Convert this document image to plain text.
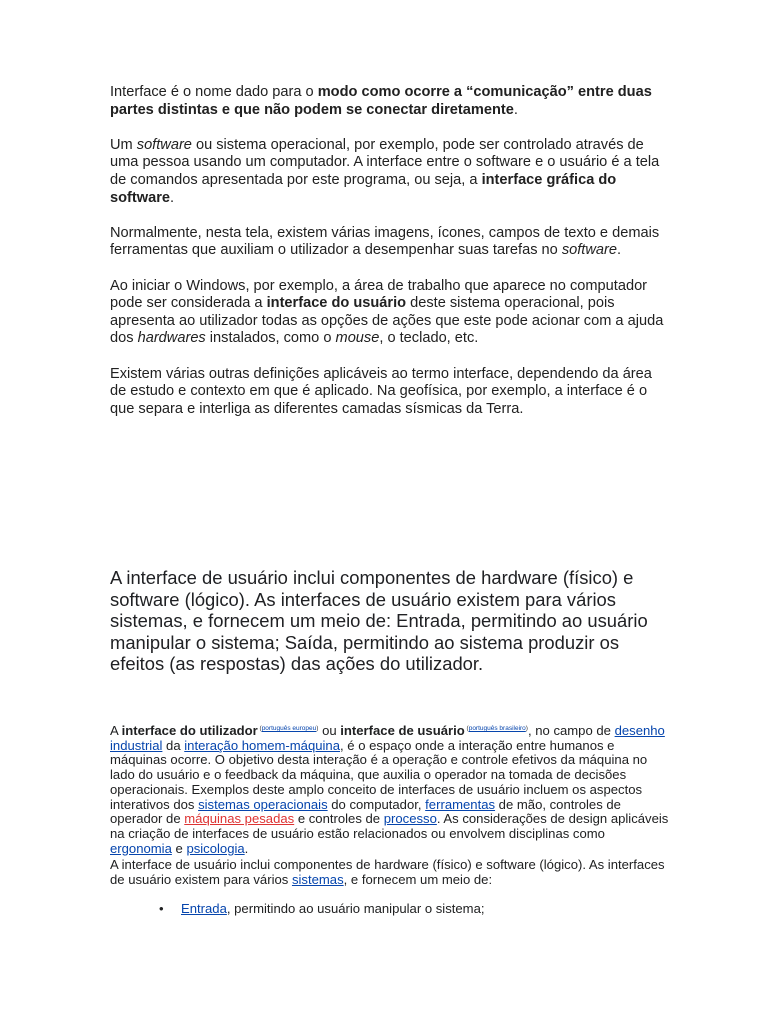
Interface é o nome dado para o modo como ocorre a “comunicação” entre duas partes distintas e que não podem se conectar diretamente.

Um software ou sistema operacional, por exemplo, pode ser controlado através de uma pessoa usando um computador. A interface entre o software e o usuário é a tela de comandos apresentada por este programa, ou seja, a interface gráfica do software.

Normalmente, nesta tela, existem várias imagens, ícones, campos de texto e demais ferramentas que auxiliam o utilizador a desempenhar suas tarefas no software.

Ao iniciar o Windows, por exemplo, a área de trabalho que aparece no computador pode ser considerada a interface do usuário deste sistema operacional, pois apresenta ao utilizador todas as opções de ações que este pode acionar com a ajuda dos hardwares instalados, como o mouse, o teclado, etc.

Existem várias outras definições aplicáveis ao termo interface, dependendo da área de estudo e contexto em que é aplicado. Na geofísica, por exemplo, a interface é o que separa e interliga as diferentes camadas sísmicas da Terra.

A interface de usuário inclui componentes de hardware (físico) e software (lógico). As interfaces de usuário existem para vários sistemas, e fornecem um meio de: Entrada, permitindo ao usuário manipular o sistema; Saída, permitindo ao sistema produzir os efeitos (as respostas) das ações do utilizador.

A interface do utilizador $^{(português europeu)}$ ou interface de usuário $^{(português brasileiro)}$, no campo de desenho industrial da interação homem-máquina, é o espaço onde a interação entre humanos e máquinas ocorre. O objetivo desta interação é a operação e controle efetivos da máquina no lado do usuário e o feedback da máquina, que auxilia o operador na tomada de decisões operacionais. Exemplos deste amplo conceito de interfaces de usuário incluem os aspectos interativos dos sistemas operacionais do computador, ferramentas de mão, controles de operador de máquinas pesadas e controles de processo. As considerações de design aplicáveis na criação de interfaces de usuário estão relacionados ou envolvem disciplinas como ergonomia e psicologia.

A interface de usuário inclui componentes de hardware (físico) e software (lógico). As interfaces de usuário existem para vários sistemas, e fornecem um meio de:

• Entrada, permitindo ao usuário manipular o sistema;
